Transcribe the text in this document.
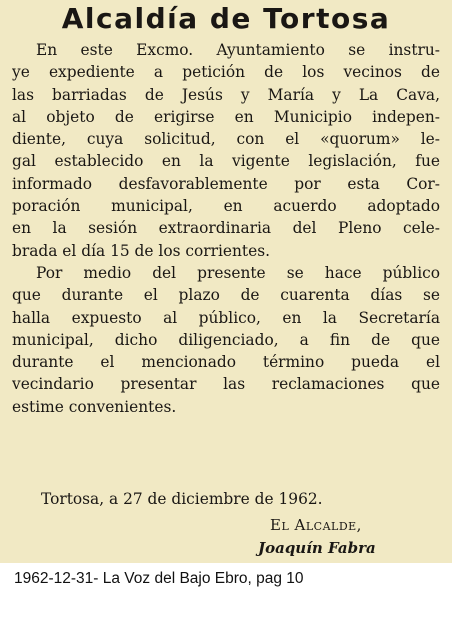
Alcaldía de Tortosa
En este Excmo. Ayuntamiento se instru-
ye expediente a petición de los vecinos de
las barriadas de Jesús y María y La Cava,
al objeto de erigirse en Municipio indepen-
diente, cuya solicitud, con el «quorum» le-
gal establecido en la vigente legislación, fue
informado desfavorablemente por esta Cor-
poración municipal, en acuerdo adoptado
en la sesión extraordinaria del Pleno cele-
brada el día 15 de los corrientes.
Por medio del presente se hace público
que durante el plazo de cuarenta días se
halla expuesto al público, en la Secretaría
municipal, dicho diligenciado, a fin de que
durante el mencionado término pueda el
vecindario presentar las reclamaciones que
estime convenientes.
Tortosa, a 27 de diciembre de 1962.
El Alcalde,
Joaquín Fabra
1962-12-31- La Voz del Bajo Ebro, pag 10
